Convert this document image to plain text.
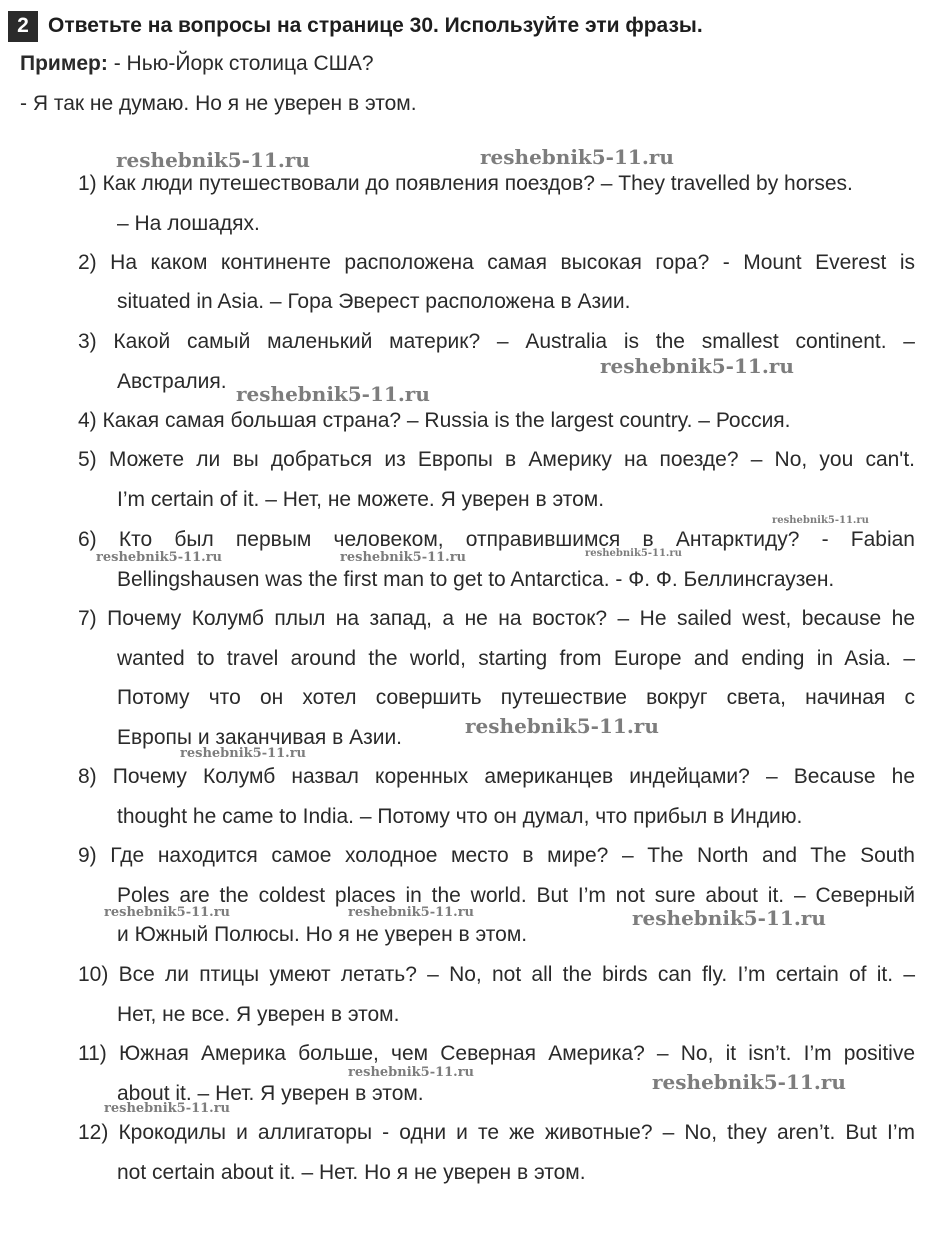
2 Ответьте на вопросы на странице 30. Используйте эти фразы.
Пример: - Нью-Йорк столица США?
- Я так не думаю. Но я не уверен в этом.
1) Как люди путешествовали до появления поездов? – They travelled by horses.
– На лошадях.
2) На каком континенте расположена самая высокая гора? - Mount Everest is
situated in Asia. – Гора Эверест расположена в Азии.
3) Какой самый маленький материк? – Australia is the smallest continent. –
Австралия.
4) Какая самая большая страна? – Russia is the largest country. – Россия.
5) Можете ли вы добраться из Европы в Америку на поезде? – No, you can't.
I’m certain of it. – Нет, не можете. Я уверен в этом.
6) Кто был первым человеком, отправившимся в Антарктиду? - Fabian
Bellingshausen was the first man to get to Antarctica. - Ф. Ф. Беллинсгаузен.
7) Почему Колумб плыл на запад, а не на восток? – He sailed west, because he
wanted to travel around the world, starting from Europe and ending in Asia. –
Потому что он хотел совершить путешествие вокруг света, начиная с
Европы и заканчивая в Азии.
8) Почему Колумб назвал коренных американцев индейцами? – Because he
thought he came to India. – Потому что он думал, что прибыл в Индию.
9) Где находится самое холодное место в мире? – The North and The South
Poles are the coldest places in the world. But I’m not sure about it. – Северный
и Южный Полюсы. Но я не уверен в этом.
10) Все ли птицы умеют летать? – No, not all the birds can fly. I’m certain of it. –
Нет, не все. Я уверен в этом.
11) Южная Америка больше, чем Северная Америка? – No, it isn’t. I’m positive
about it. – Нет. Я уверен в этом.
12) Крокодилы и аллигаторы - одни и те же животные? – No, they aren’t. But I’m
not certain about it. – Нет. Но я не уверен в этом.
reshebnik5-11.ru	reshebnik5-11.ru
reshebnik5-11.ru
reshebnik5-11.ru
reshebnik5-11.ru
reshebnik5-11.ru	reshebnik5-11.ru	reshebnik5-11.ru
reshebnik5-11.ru
reshebnik5-11.ru
reshebnik5-11.ru	reshebnik5-11.ru	reshebnik5-11.ru
reshebnik5-11.ru	reshebnik5-11.ru
reshebnik5-11.ru
